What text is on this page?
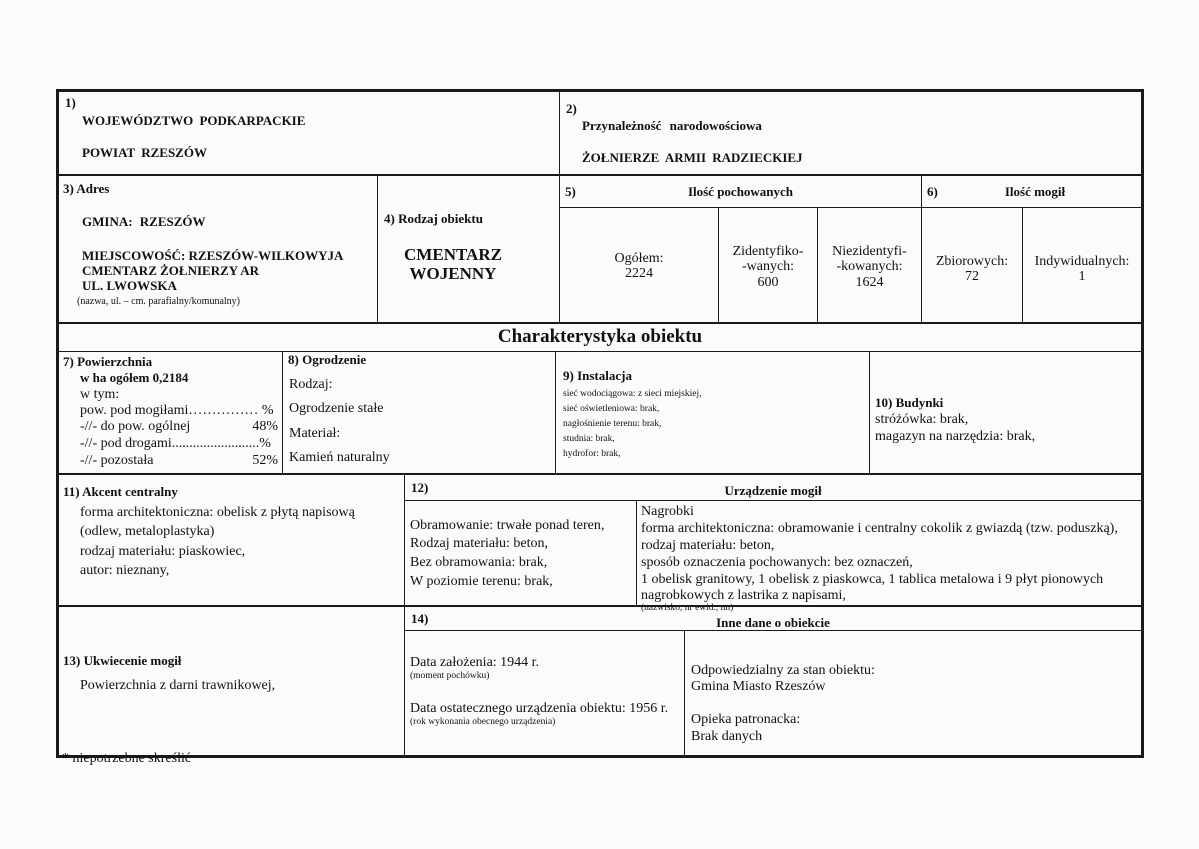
1)
WOJEWÓDZTWO PODKARPACKIE
POWIAT RZESZÓW
2)
Przynależność narodowościowa
ŻOŁNIERZE ARMII RADZIECKIEJ
3) Adres
GMINA: RZESZÓW
MIEJSCOWOŚĆ: RZESZÓW-WILKOWYJA
CMENTARZ ŻOŁNIERZY AR
UL. LWOWSKA
(nazwa, ul. – cm. parafialny/komunalny)
4) Rodzaj obiektu
CMENTARZ
WOJENNY
5)	Ilość pochowanych
Ogółem:
2224
Zidentyfiko-
-wanych:
600
Niezidentyfi-
-kowanych:
1624
6)	Ilość mogił
Zbiorowych:
72
Indywidualnych:
1
Charakterystyka obiektu
7) Powierzchnia
w ha ogółem 0,2184
w tym:
pow. pod mogiłami…………… %
-//- do pow. ogólnej	48%
-//- pod drogami.........................%
-//- pozostała	52%
8) Ogrodzenie
Rodzaj:
Ogrodzenie stałe
Materiał:
Kamień naturalny
9) Instalacja
sieć wodociągowa: z sieci miejskiej,
sieć oświetleniowa: brak,
nagłośnienie terenu: brak,
studnia: brak,
hydrofor: brak,
10) Budynki
stróżówka: brak,
magazyn na narzędzia: brak,
11) Akcent centralny
forma architektoniczna: obelisk z płytą napisową
(odlew, metaloplastyka)
rodzaj materiału: piaskowiec,
autor: nieznany,
12)	Urządzenie mogił
Obramowanie: trwałe ponad teren,
Rodzaj materiału: beton,
Bez obramowania: brak,
W poziomie terenu: brak,
Nagrobki
forma architektoniczna: obramowanie i centralny cokolik z gwiazdą (tzw. poduszką),
rodzaj materiału: beton,
sposób oznaczenia pochowanych: bez oznaczeń,
1 obelisk granitowy, 1 obelisk z piaskowca, 1 tablica metalowa i 9 płyt pionowych
nagrobkowych z lastrika z napisami,
(nazwisko, nr ewid., nn)
13) Ukwiecenie mogił
Powierzchnia z darni trawnikowej,
14)	Inne dane o obiekcie
Data założenia: 1944 r.
(moment pochówku)
Data ostatecznego urządzenia obiektu: 1956 r.
(rok wykonania obecnego urządzenia)
Odpowiedzialny za stan obiektu:
Gmina Miasto Rzeszów
Opieka patronacka:
Brak danych
* niepotrzebne skreślić
